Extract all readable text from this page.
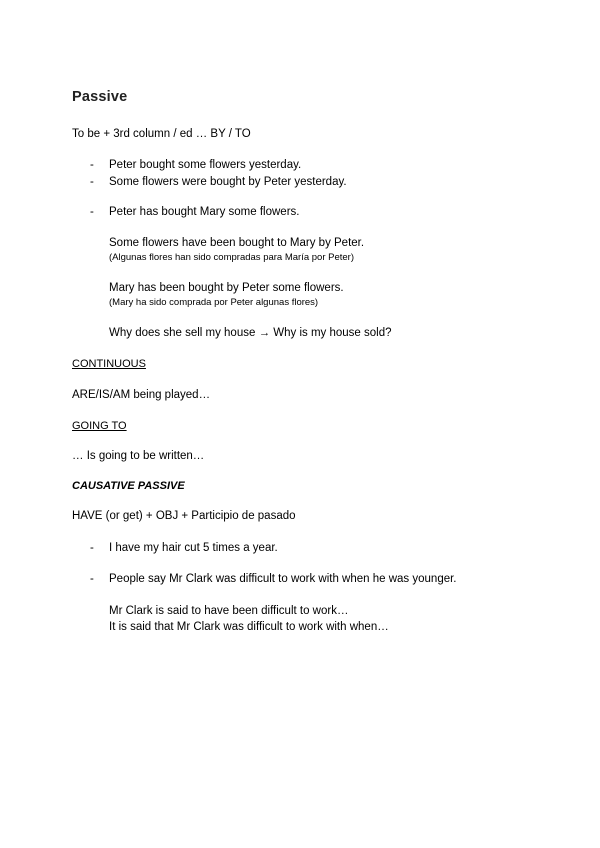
Passive
To be + 3rd column / ed … BY / TO
- Peter bought some flowers yesterday.
- Some flowers were bought by Peter yesterday.
- Peter has bought Mary some flowers.
Some flowers have been bought to Mary by Peter.
(Algunas flores han sido compradas para María por Peter)
Mary has been bought by Peter some flowers.
(Mary ha sido comprada por Peter algunas flores)
Why does she sell my house → Why is my house sold?
CONTINUOUS
ARE/IS/AM being played…
GOING TO
… Is going to be written…
CAUSATIVE PASSIVE
HAVE (or get) + OBJ + Participio de pasado
- I have my hair cut 5 times a year.
- People say Mr Clark was difficult to work with when he was younger.
Mr Clark is said to have been difficult to work…
It is said that Mr Clark was difficult to work with when…
